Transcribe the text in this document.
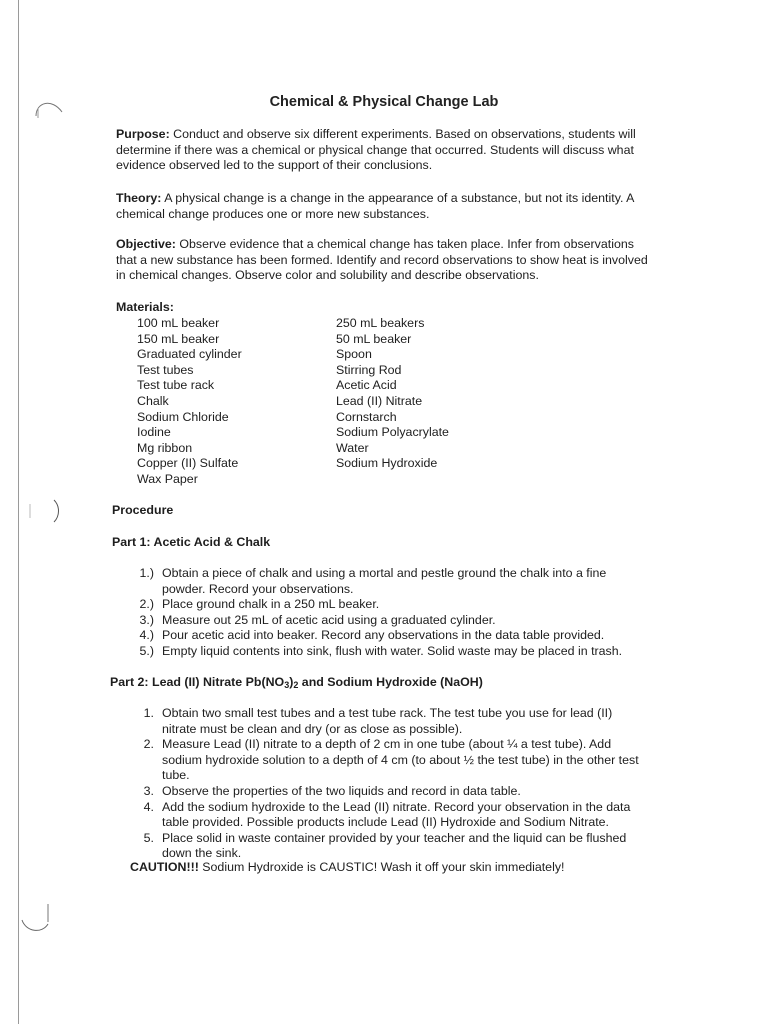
Chemical & Physical Change Lab
Purpose: Conduct and observe six different experiments. Based on observations, students will determine if there was a chemical or physical change that occurred. Students will discuss what evidence observed led to the support of their conclusions.
Theory: A physical change is a change in the appearance of a substance, but not its identity. A chemical change produces one or more new substances.
Objective: Observe evidence that a chemical change has taken place. Infer from observations that a new substance has been formed. Identify and record observations to show heat is involved in chemical changes. Observe color and solubility and describe observations.
Materials:
100 mL beaker
150 mL beaker
Graduated cylinder
Test tubes
Test tube rack
Chalk
Sodium Chloride
Iodine
Mg ribbon
Copper (II) Sulfate
Wax Paper
250 mL beakers
50 mL beaker
Spoon
Stirring Rod
Acetic Acid
Lead (II) Nitrate
Cornstarch
Sodium Polyacrylate
Water
Sodium Hydroxide
Procedure
Part 1: Acetic Acid & Chalk
1.) Obtain a piece of chalk and using a mortal and pestle ground the chalk into a fine powder. Record your observations.
2.) Place ground chalk in a 250 mL beaker.
3.) Measure out 25 mL of acetic acid using a graduated cylinder.
4.) Pour acetic acid into beaker. Record any observations in the data table provided.
5.) Empty liquid contents into sink, flush with water. Solid waste may be placed in trash.
Part 2: Lead (II) Nitrate $Pb(NO_3)_2$ and Sodium Hydroxide (NaOH)
1. Obtain two small test tubes and a test tube rack. The test tube you use for lead (II) nitrate must be clean and dry (or as close as possible).
2. Measure Lead (II) nitrate to a depth of 2 cm in one tube (about ¼ a test tube). Add sodium hydroxide solution to a depth of 4 cm (to about ½ the test tube) in the other test tube.
3. Observe the properties of the two liquids and record in data table.
4. Add the sodium hydroxide to the Lead (II) nitrate. Record your observation in the data table provided. Possible products include Lead (II) Hydroxide and Sodium Nitrate.
5. Place solid in waste container provided by your teacher and the liquid can be flushed down the sink.
CAUTION!!! Sodium Hydroxide is CAUSTIC! Wash it off your skin immediately!
